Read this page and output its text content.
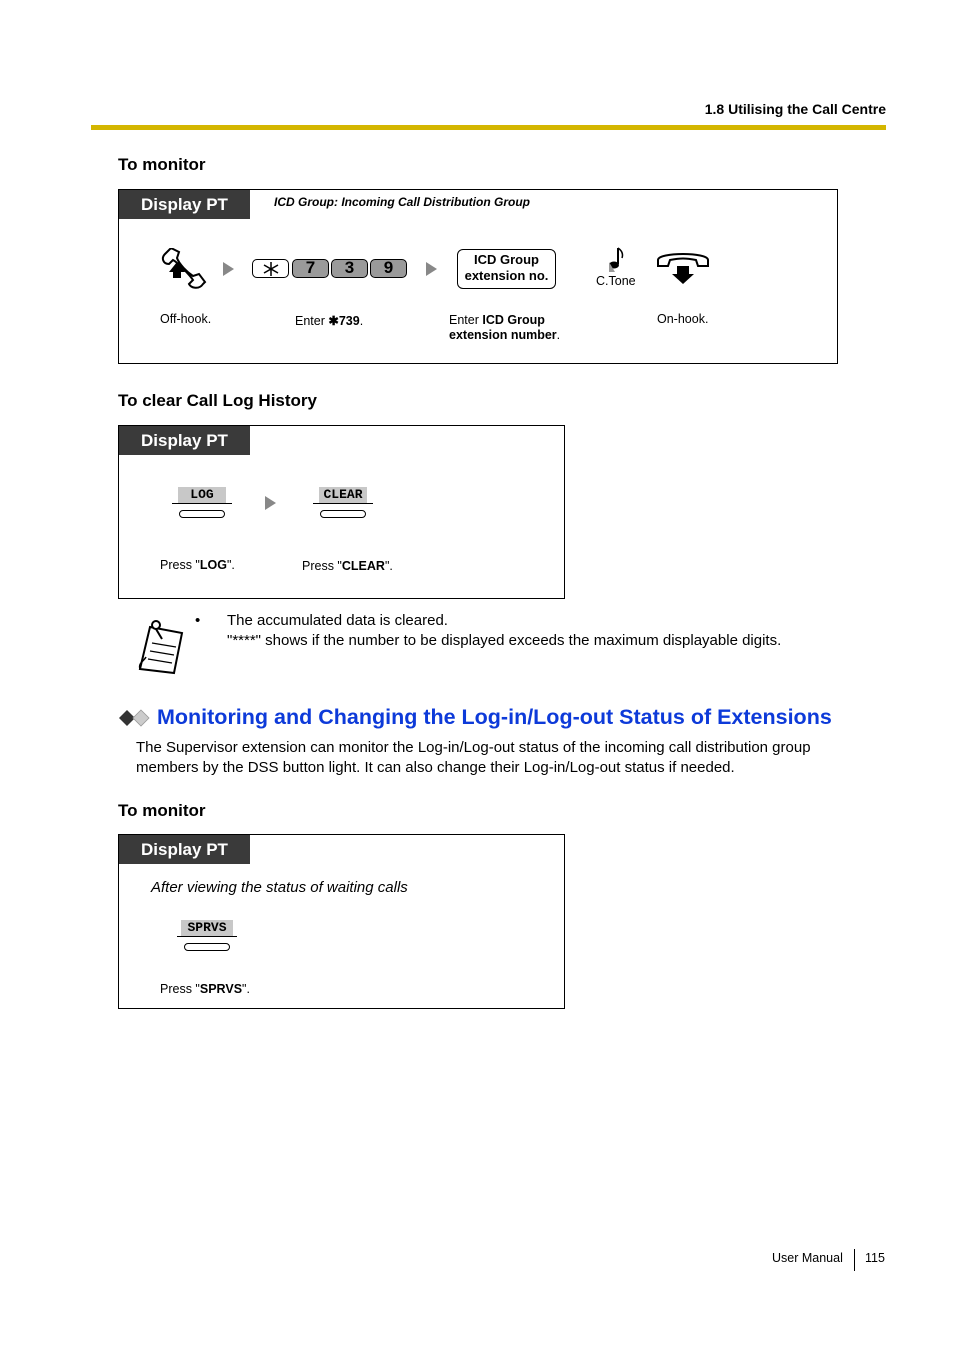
1.8 Utilising the Call Centre
To monitor
Display PT	ICD Group: Incoming Call Distribution Group
7	3	9	ICD Group
extension no.	C.Tone
Off-hook.	Enter ✱739.	Enter ICD Group
extension number.
On-hook.
To clear Call Log History
Display PT
LOG	CLEAR
Press "LOG".	Press "CLEAR".
• The accumulated data is cleared.
"****" shows if the number to be displayed exceeds the maximum displayable digits.
Monitoring and Changing the Log-in/Log-out Status of Extensions
The Supervisor extension can monitor the Log-in/Log-out status of the incoming call distribution group
members by the DSS button light. It can also change their Log-in/Log-out status if needed.
To monitor
Display PT
After viewing the status of waiting calls
SPRVS
Press "SPRVS".
User Manual 115
